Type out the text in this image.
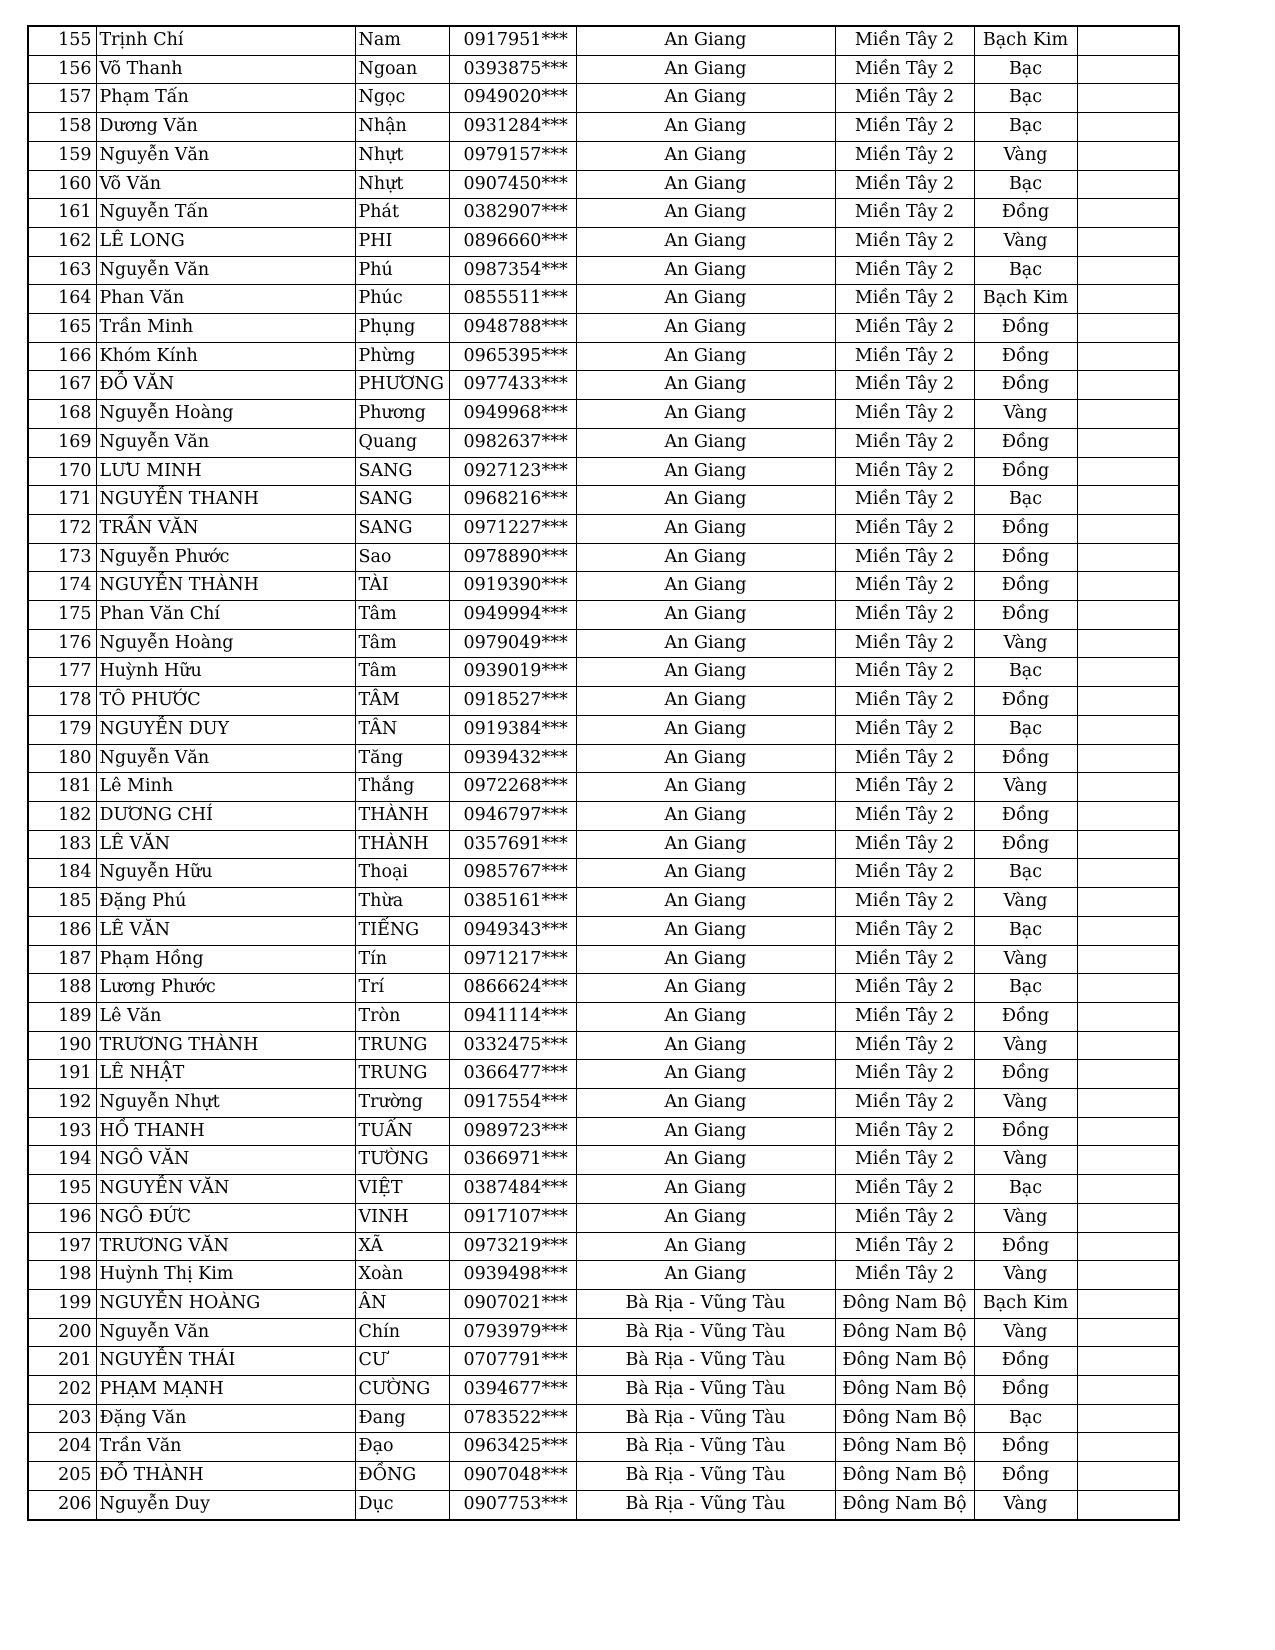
155	Trịnh Chí	Nam	0917951***	An Giang	Miền Tây 2	Bạch Kim	
156	Võ Thanh	Ngoan	0393875***	An Giang	Miền Tây 2	Bạc	
157	Phạm Tấn	Ngọc	0949020***	An Giang	Miền Tây 2	Bạc	
158	Dương Văn	Nhận	0931284***	An Giang	Miền Tây 2	Bạc	
159	Nguyễn Văn	Nhựt	0979157***	An Giang	Miền Tây 2	Vàng	
160	Võ Văn	Nhựt	0907450***	An Giang	Miền Tây 2	Bạc	
161	Nguyễn Tấn	Phát	0382907***	An Giang	Miền Tây 2	Đồng	
162	LÊ LONG	PHI	0896660***	An Giang	Miền Tây 2	Vàng	
163	Nguyễn Văn	Phú	0987354***	An Giang	Miền Tây 2	Bạc	
164	Phan Văn	Phúc	0855511***	An Giang	Miền Tây 2	Bạch Kim	
165	Trần Minh	Phụng	0948788***	An Giang	Miền Tây 2	Đồng	
166	Khóm Kính	Phừng	0965395***	An Giang	Miền Tây 2	Đồng	
167	ĐỖ VĂN	PHƯƠNG	0977433***	An Giang	Miền Tây 2	Đồng	
168	Nguyễn Hoàng	Phương	0949968***	An Giang	Miền Tây 2	Vàng	
169	Nguyễn Văn	Quang	0982637***	An Giang	Miền Tây 2	Đồng	
170	LƯU MINH	SANG	0927123***	An Giang	Miền Tây 2	Đồng	
171	NGUYỄN THANH	SANG	0968216***	An Giang	Miền Tây 2	Bạc	
172	TRẦN VĂN	SANG	0971227***	An Giang	Miền Tây 2	Đồng	
173	Nguyễn Phước	Sao	0978890***	An Giang	Miền Tây 2	Đồng	
174	NGUYỄN THÀNH	TÀI	0919390***	An Giang	Miền Tây 2	Đồng	
175	Phan Văn Chí	Tâm	0949994***	An Giang	Miền Tây 2	Đồng	
176	Nguyễn Hoàng	Tâm	0979049***	An Giang	Miền Tây 2	Vàng	
177	Huỳnh Hữu	Tâm	0939019***	An Giang	Miền Tây 2	Bạc	
178	TÔ PHƯỚC	TÂM	0918527***	An Giang	Miền Tây 2	Đồng	
179	NGUYỄN DUY	TÂN	0919384***	An Giang	Miền Tây 2	Bạc	
180	Nguyễn Văn	Tăng	0939432***	An Giang	Miền Tây 2	Đồng	
181	Lê Minh	Thắng	0972268***	An Giang	Miền Tây 2	Vàng	
182	DƯƠNG CHÍ	THÀNH	0946797***	An Giang	Miền Tây 2	Đồng	
183	LÊ VĂN	THÀNH	0357691***	An Giang	Miền Tây 2	Đồng	
184	Nguyễn Hữu	Thoại	0985767***	An Giang	Miền Tây 2	Bạc	
185	Đặng Phú	Thừa	0385161***	An Giang	Miền Tây 2	Vàng	
186	LÊ VĂN	TIẾNG	0949343***	An Giang	Miền Tây 2	Bạc	
187	Phạm Hồng	Tín	0971217***	An Giang	Miền Tây 2	Vàng	
188	Lương Phước	Trí	0866624***	An Giang	Miền Tây 2	Bạc	
189	Lê Văn	Tròn	0941114***	An Giang	Miền Tây 2	Đồng	
190	TRƯƠNG THÀNH	TRUNG	0332475***	An Giang	Miền Tây 2	Vàng	
191	LÊ NHẬT	TRUNG	0366477***	An Giang	Miền Tây 2	Đồng	
192	Nguyễn Nhựt	Trường	0917554***	An Giang	Miền Tây 2	Vàng	
193	HỒ THANH	TUẤN	0989723***	An Giang	Miền Tây 2	Đồng	
194	NGÔ VĂN	TƯỜNG	0366971***	An Giang	Miền Tây 2	Vàng	
195	NGUYỄN VĂN	VIỆT	0387484***	An Giang	Miền Tây 2	Bạc	
196	NGÔ ĐỨC	VINH	0917107***	An Giang	Miền Tây 2	Vàng	
197	TRƯƠNG VĂN	XÃ	0973219***	An Giang	Miền Tây 2	Đồng	
198	Huỳnh Thị Kim	Xoàn	0939498***	An Giang	Miền Tây 2	Vàng	
199	NGUYỄN HOÀNG	ÂN	0907021***	Bà Rịa - Vũng Tàu	Đông Nam Bộ	Bạch Kim	
200	Nguyễn Văn	Chín	0793979***	Bà Rịa - Vũng Tàu	Đông Nam Bộ	Vàng	
201	NGUYỄN THÁI	CƯ	0707791***	Bà Rịa - Vũng Tàu	Đông Nam Bộ	Đồng	
202	PHẠM MẠNH	CƯỜNG	0394677***	Bà Rịa - Vũng Tàu	Đông Nam Bộ	Đồng	
203	Đặng Văn	Đang	0783522***	Bà Rịa - Vũng Tàu	Đông Nam Bộ	Bạc	
204	Trần Văn	Đạo	0963425***	Bà Rịa - Vũng Tàu	Đông Nam Bộ	Đồng	
205	ĐỖ THÀNH	ĐỒNG	0907048***	Bà Rịa - Vũng Tàu	Đông Nam Bộ	Đồng	
206	Nguyễn Duy	Dục	0907753***	Bà Rịa - Vũng Tàu	Đông Nam Bộ	Vàng	
